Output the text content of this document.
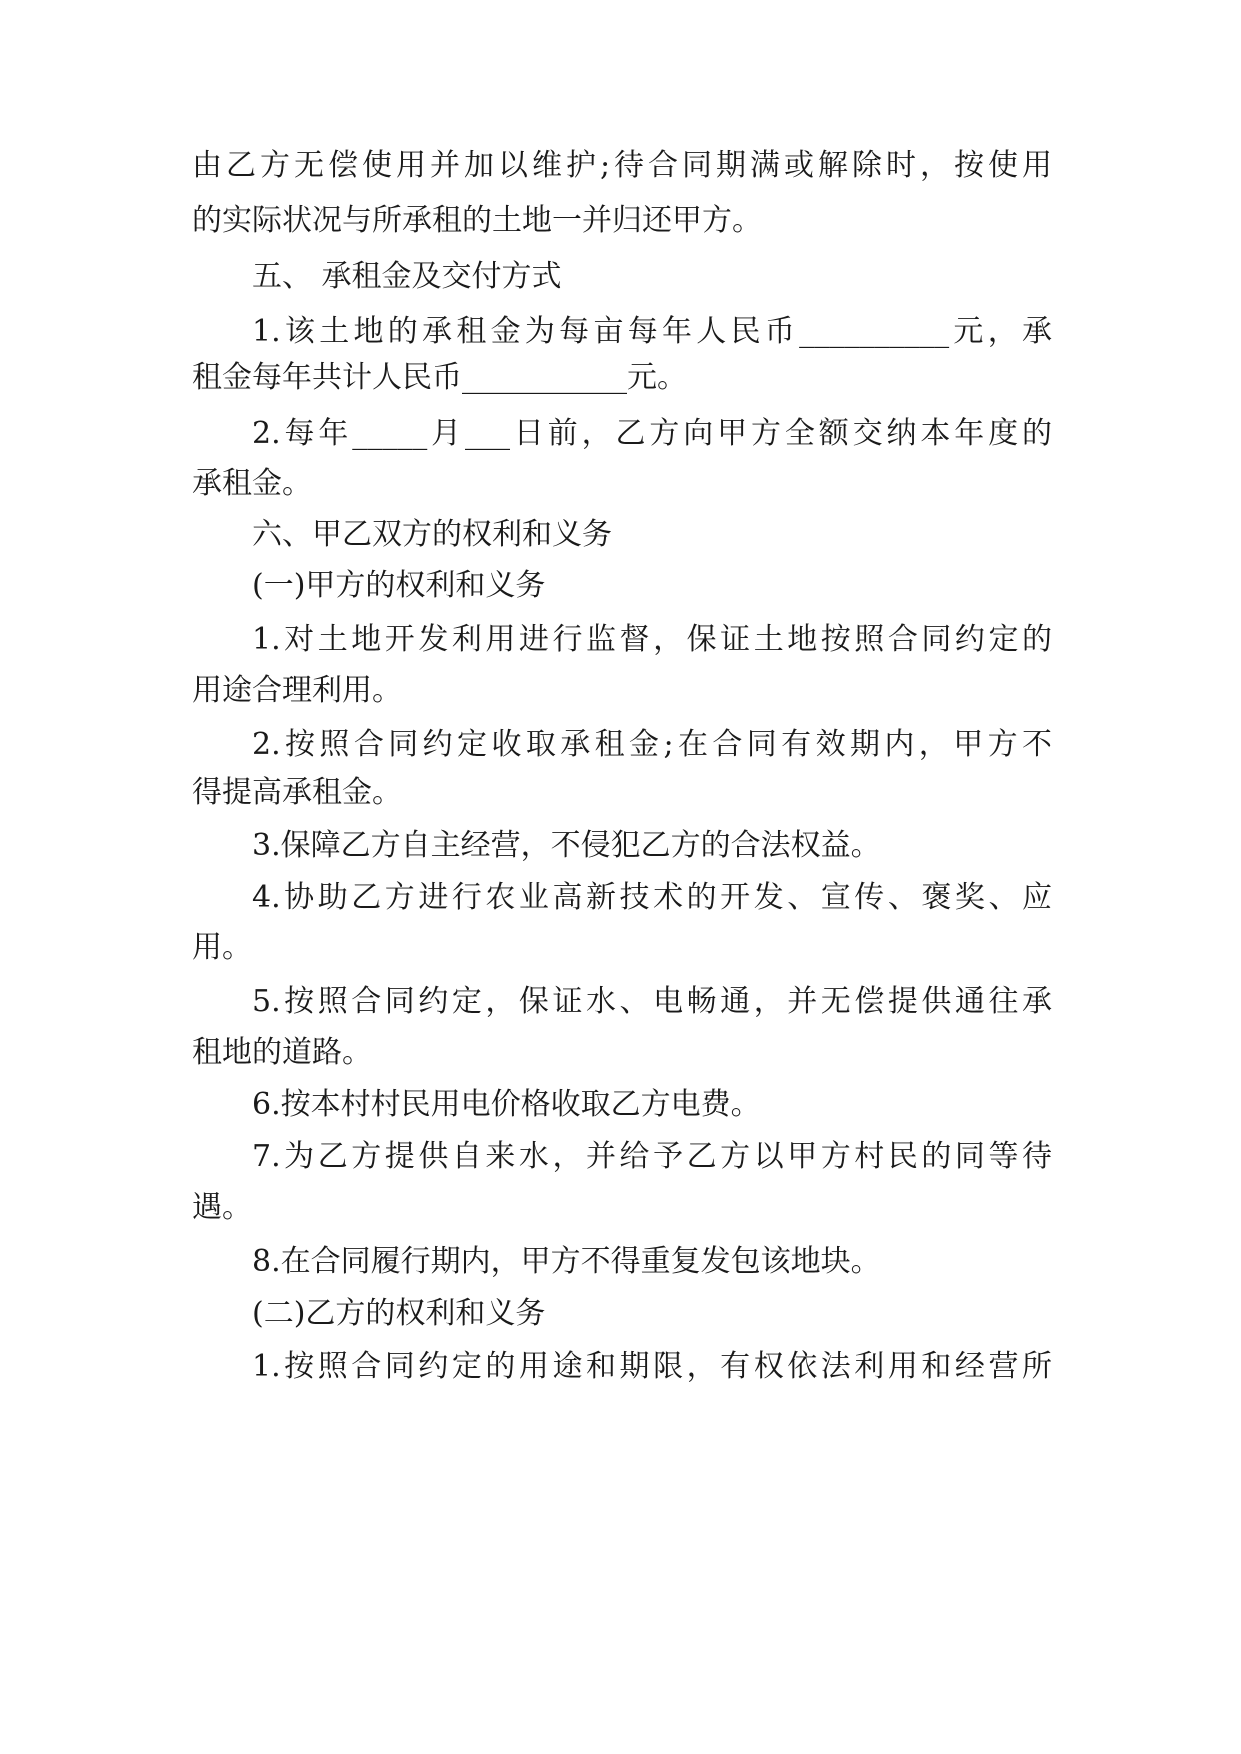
由乙方无偿使用并加以维护;待合同期满或解除时，按使用
的实际状况与所承租的土地一并归还甲方。
五、 承租金及交付方式
1.该土地的承租金为每亩每年人民币__________元，承
租金每年共计人民币___________元。
2.每年_____月___日前，乙方向甲方全额交纳本年度的
承租金。
六、甲乙双方的权利和义务
(一)甲方的权利和义务
1.对土地开发利用进行监督，保证土地按照合同约定的
用途合理利用。
2.按照合同约定收取承租金;在合同有效期内，甲方不
得提高承租金。
3.保障乙方自主经营，不侵犯乙方的合法权益。
4.协助乙方进行农业高新技术的开发、宣传、褒奖、应
用。
5.按照合同约定，保证水、电畅通，并无偿提供通往承
租地的道路。
6.按本村村民用电价格收取乙方电费。
7.为乙方提供自来水，并给予乙方以甲方村民的同等待
遇。
8.在合同履行期内，甲方不得重复发包该地块。
(二)乙方的权利和义务
1.按照合同约定的用途和期限，有权依法利用和经营所
